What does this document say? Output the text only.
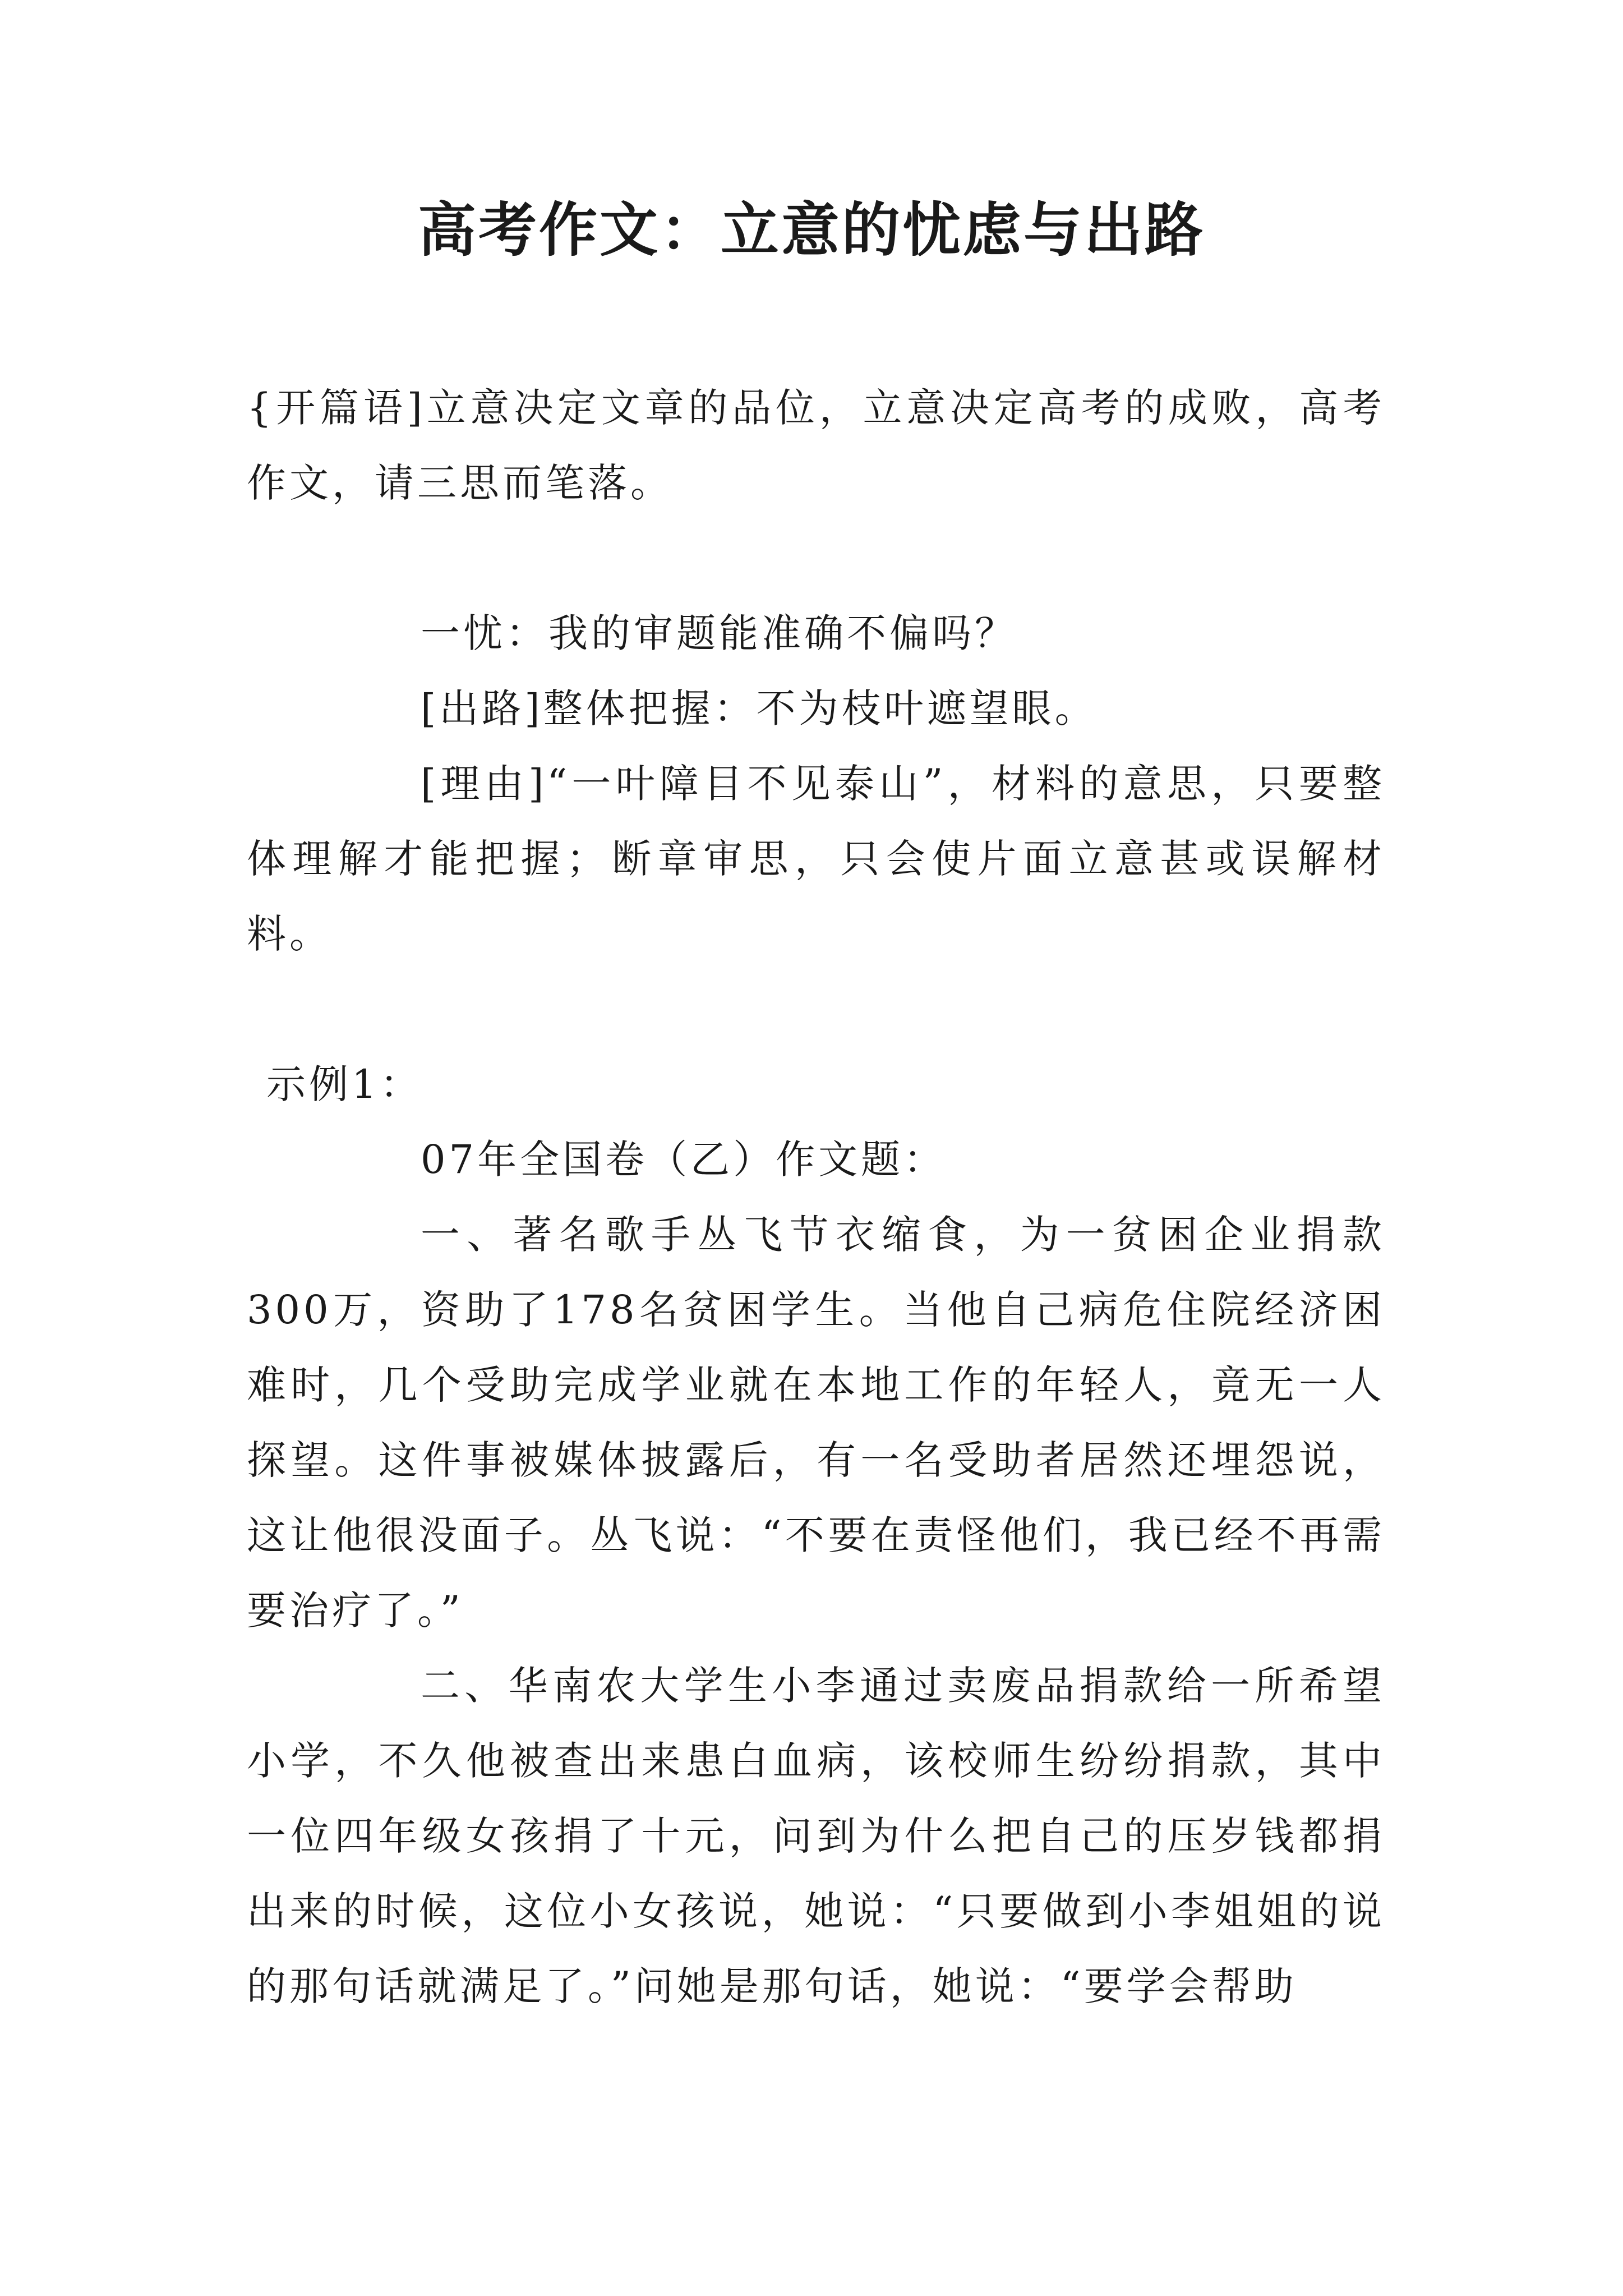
高考作文：立意的忧虑与出路

{开篇语]立意决定文章的品位，立意决定高考的成败，高考作文，请三思而笔落。

一忧：我的审题能准确不偏吗？

[出路]整体把握：不为枝叶遮望眼。

[理由]“一叶障目不见泰山”，材料的意思，只要整体理解才能把握；断章审思，只会使片面立意甚或误解材料。

示例1：

07年全国卷（乙）作文题：

一、著名歌手丛飞节衣缩食，为一贫困企业捐款300万，资助了178名贫困学生。当他自己病危住院经济困难时，几个受助完成学业就在本地工作的年轻人，竟无一人探望。这件事被媒体披露后，有一名受助者居然还埋怨说，这让他很没面子。丛飞说：“不要在责怪他们，我已经不再需要治疗了。”

二、华南农大学生小李通过卖废品捐款给一所希望小学，不久他被查出来患白血病，该校师生纷纷捐款，其中一位四年级女孩捐了十元，问到为什么把自己的压岁钱都捐出来的时候，这位小女孩说，她说：“只要做到小李姐姐的说的那句话就满足了。”问她是那句话，她说：“要学会帮助
